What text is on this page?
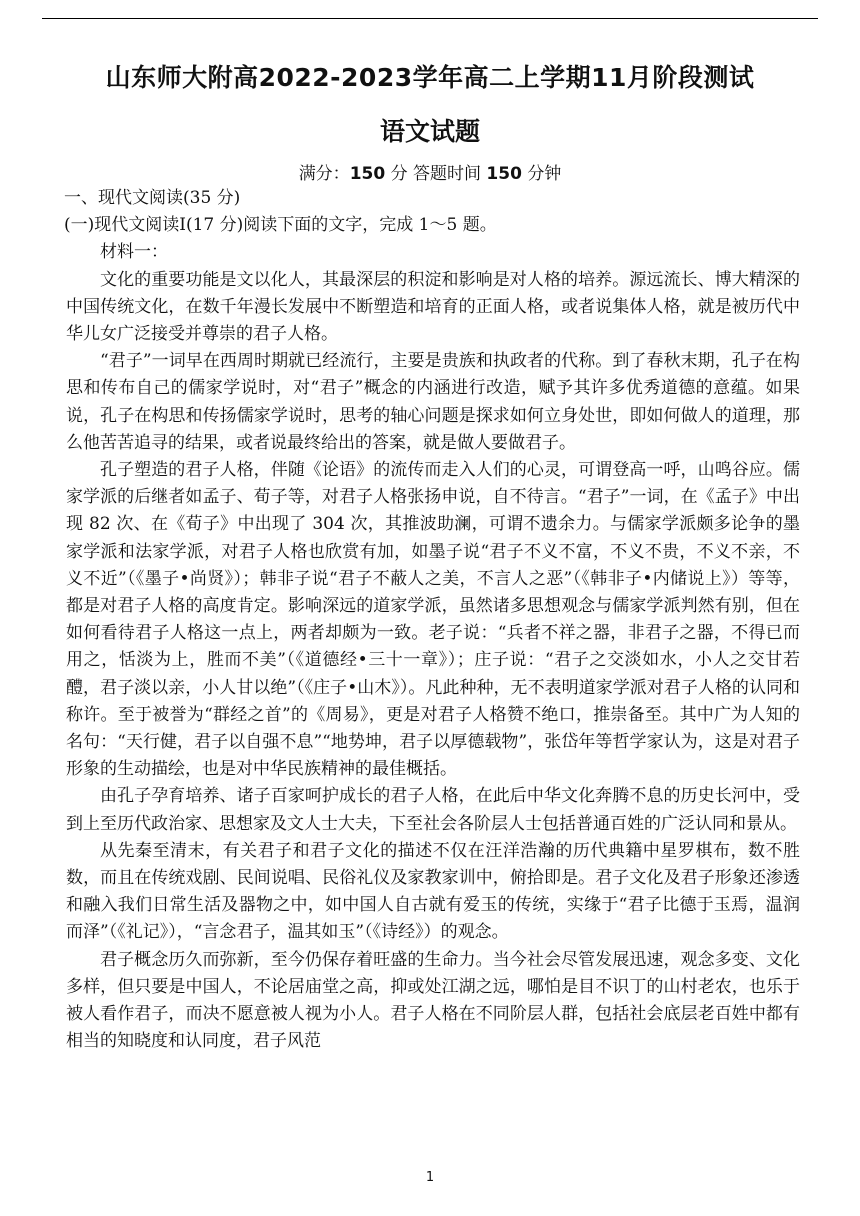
山东师大附高2022-2023学年高二上学期11月阶段测试
语文试题
满分：150 分 答题时间 150 分钟
一、现代文阅读(35 分)
(一)现代文阅读Ⅰ(17 分)阅读下面的文字，完成 1～5 题。
材料一：

文化的重要功能是文以化人，其最深层的积淀和影响是对人格的培养。源远流长、博大精深的中国传统文化，在数千年漫长发展中不断塑造和培育的正面人格，或者说集体人格，就是被历代中华儿女广泛接受并尊崇的君子人格。

“君子”一词早在西周时期就已经流行，主要是贵族和执政者的代称。到了春秋末期，孔子在构思和传布自己的儒家学说时，对“君子”概念的内涵进行改造，赋予其许多优秀道德的意蕴。如果说，孔子在构思和传扬儒家学说时，思考的轴心问题是探求如何立身处世，即如何做人的道理，那么他苦苦追寻的结果，或者说最终给出的答案，就是做人要做君子。

孔子塑造的君子人格，伴随《论语》的流传而走入人们的心灵，可谓登高一呼，山鸣谷应。儒家学派的后继者如孟子、荀子等，对君子人格张扬申说，自不待言。“君子”一词，在《孟子》中出现 82 次、在《荀子》中出现了 304 次，其推波助澜，可谓不遗余力。与儒家学派颇多论争的墨家学派和法家学派，对君子人格也欣赏有加，如墨子说“君子不义不富，不义不贵，不义不亲，不义不近”（《墨子•尚贤》）；韩非子说“君子不蔽人之美，不言人之恶”（《韩非子•内储说上》）等等，都是对君子人格的高度肯定。影响深远的道家学派，虽然诸多思想观念与儒家学派判然有别，但在如何看待君子人格这一点上，两者却颇为一致。老子说：“兵者不祥之器，非君子之器，不得已而用之，恬淡为上，胜而不美”（《道德经•三十一章》）；庄子说：“君子之交淡如水，小人之交甘若醴，君子淡以亲，小人甘以绝”（《庄子•山木》）。凡此种种，无不表明道家学派对君子人格的认同和称许。至于被誉为“群经之首”的《周易》，更是对君子人格赞不绝口，推崇备至。其中广为人知的名句：“天行健，君子以自强不息”“地势坤，君子以厚德载物”，张岱年等哲学家认为，这是对君子形象的生动描绘，也是对中华民族精神的最佳概括。

由孔子孕育培养、诸子百家呵护成长的君子人格，在此后中华文化奔腾不息的历史长河中，受到上至历代政治家、思想家及文人士大夫，下至社会各阶层人士包括普通百姓的广泛认同和景从。

从先秦至清末，有关君子和君子文化的描述不仅在汪洋浩瀚的历代典籍中星罗棋布，数不胜数，而且在传统戏剧、民间说唱、民俗礼仪及家教家训中，俯拾即是。君子文化及君子形象还渗透和融入我们日常生活及器物之中，如中国人自古就有爱玉的传统，实缘于“君子比德于玉焉，温润而泽”（《礼记》），“言念君子，温其如玉”（《诗经》）的观念。

君子概念历久而弥新，至今仍保存着旺盛的生命力。当今社会尽管发展迅速，观念多变、文化多样，但只要是中国人，不论居庙堂之高，抑或处江湖之远，哪怕是目不识丁的山村老农，也乐于被人看作君子，而决不愿意被人视为小人。君子人格在不同阶层人群，包括社会底层老百姓中都有相当的知晓度和认同度，君子风范

1
